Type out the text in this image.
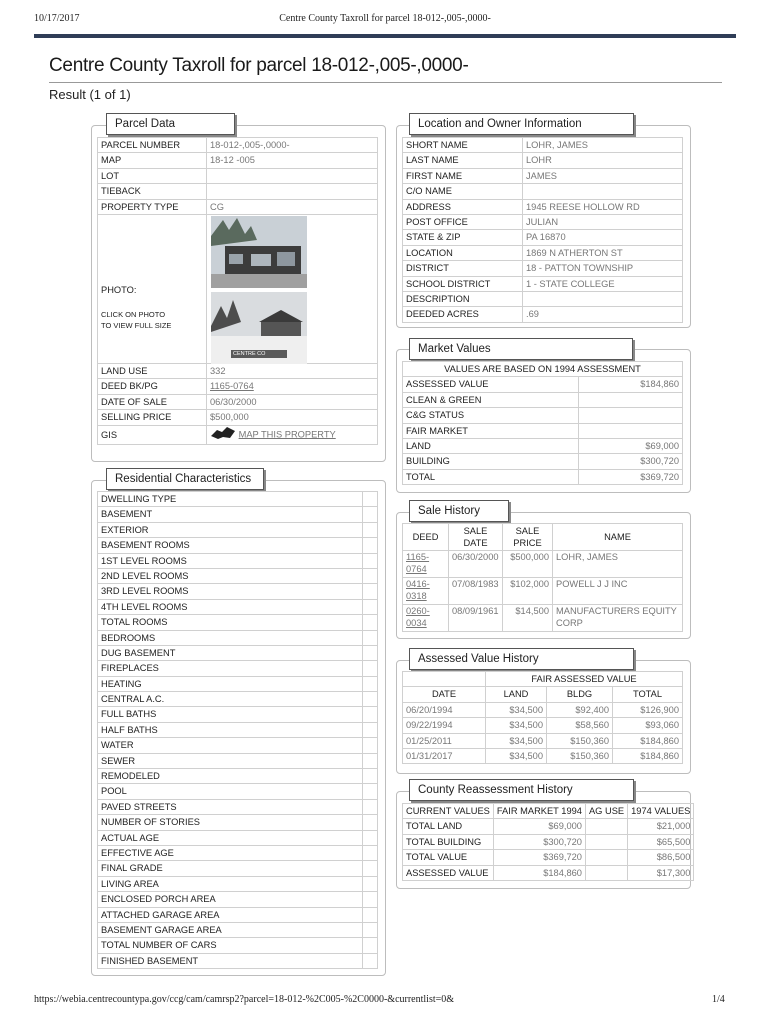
10/17/2017	Centre County Taxroll for parcel 18-012-,005-,0000-
Centre County Taxroll for parcel 18-012-,005-,0000-
Result (1 of 1)
Parcel Data
PARCEL NUMBER	18-012-,005-,0000-
MAP	18-12 -005
LOT	
TIEBACK	
PROPERTY TYPE	CG

PHOTO:
CLICK ON PHOTO
TO VIEW FULL SIZE	

LAND USE	332
DEED BK/PG	1165-0764
DATE OF SALE	06/30/2000
SELLING PRICE	$500,000
GIS	MAP THIS PROPERTY
CENTRE CO
Residential Characteristics
DWELLING TYPE	
BASEMENT	
EXTERIOR	
BASEMENT ROOMS	
1ST LEVEL ROOMS	
2ND LEVEL ROOMS	
3RD LEVEL ROOMS	
4TH LEVEL ROOMS	
TOTAL ROOMS	
BEDROOMS	
DUG BASEMENT	
FIREPLACES	
HEATING	
CENTRAL A.C.	
FULL BATHS	
HALF BATHS	
WATER	
SEWER	
REMODELED	
POOL	
PAVED STREETS	
NUMBER OF STORIES	
ACTUAL AGE	
EFFECTIVE AGE	
FINAL GRADE	
LIVING AREA	
ENCLOSED PORCH AREA	
ATTACHED GARAGE AREA	
BASEMENT GARAGE AREA	
TOTAL NUMBER OF CARS	
FINISHED BASEMENT	
Location and Owner Information
SHORT NAME	LOHR, JAMES
LAST NAME	LOHR
FIRST NAME	JAMES
C/O NAME	
ADDRESS	1945 REESE HOLLOW RD
POST OFFICE	JULIAN
STATE & ZIP	PA 16870
LOCATION	1869 N ATHERTON ST
DISTRICT	18 - PATTON TOWNSHIP
SCHOOL DISTRICT	1 - STATE COLLEGE
DESCRIPTION	
DEEDED ACRES	.69
Market Values
VALUES ARE BASED ON 1994 ASSESSMENT	
ASSESSED VALUE	$184,860
CLEAN & GREEN	
C&G STATUS	
FAIR MARKET	
LAND	$69,000
BUILDING	$300,720
TOTAL	$369,720
Sale History
DEED	SALE DATE	SALE
PRICE	NAME
1165-
0764	06/30/2000	$500,000	LOHR, JAMES

0416-
0318	07/08/1983	$102,000	POWELL J J INC

0260-
0034	08/09/1961	$14,500	MANUFACTURERS EQUITY
CORP
Assessed Value History
	FAIR ASSESSED VALUE		
DATE	LAND	BLDG	TOTAL
06/20/1994	$34,500	$92,400	$126,900
09/22/1994	$34,500	$58,560	$93,060
01/25/2011	$34,500	$150,360	$184,860
01/31/2017	$34,500	$150,360	$184,860
County Reassessment History
CURRENT VALUES	FAIR MARKET 1994	AG USE	1974 VALUES
TOTAL LAND	$69,000		$21,000
TOTAL BUILDING	$300,720		$65,500
TOTAL VALUE	$369,720		$86,500
ASSESSED VALUE	$184,860		$17,300
https://webia.centrecountypa.gov/ccg/cam/camrsp2?parcel=18-012-%2C005-%2C0000-&currentlist=0&	1/4
